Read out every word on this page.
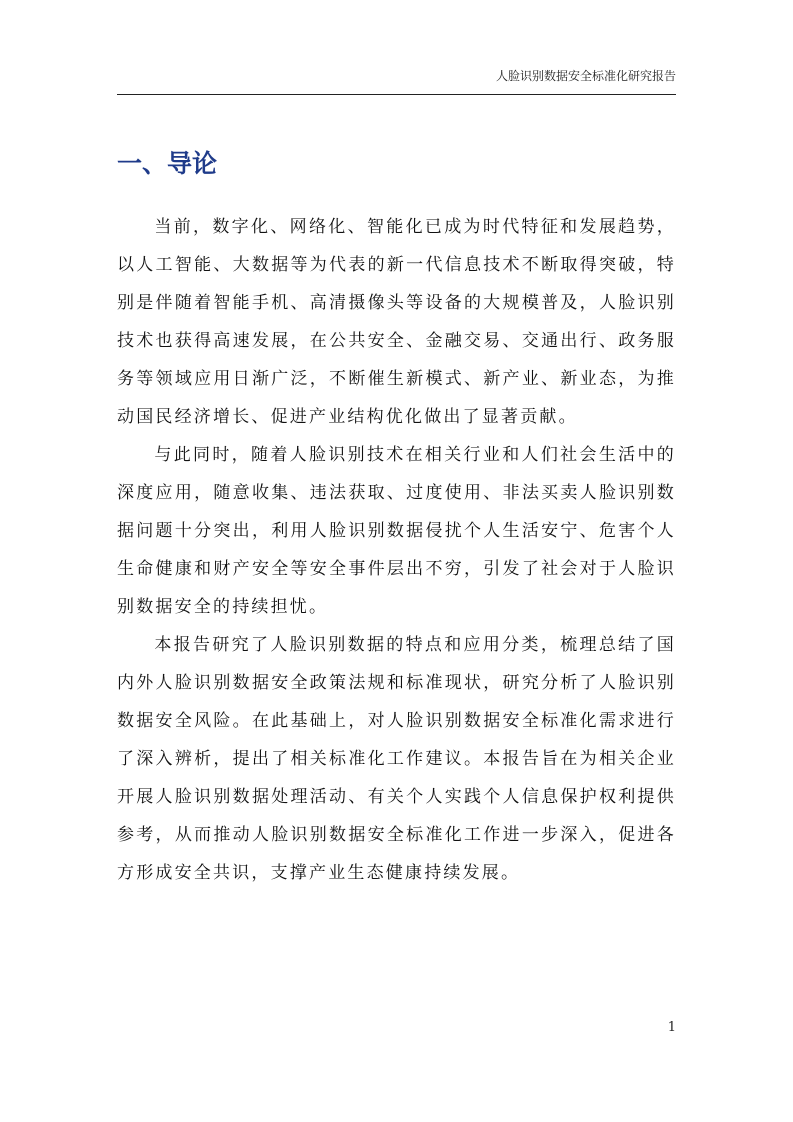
人脸识别数据安全标准化研究报告
一、导论

当前，数字化、网络化、智能化已成为时代特征和发展趋势，以人工智能、大数据等为代表的新一代信息技术不断取得突破，特别是伴随着智能手机、高清摄像头等设备的大规模普及，人脸识别技术也获得高速发展，在公共安全、金融交易、交通出行、政务服务等领域应用日渐广泛，不断催生新模式、新产业、新业态，为推动国民经济增长、促进产业结构优化做出了显著贡献。

与此同时，随着人脸识别技术在相关行业和人们社会生活中的深度应用，随意收集、违法获取、过度使用、非法买卖人脸识别数据问题十分突出，利用人脸识别数据侵扰个人生活安宁、危害个人生命健康和财产安全等安全事件层出不穷，引发了社会对于人脸识别数据安全的持续担忧。

本报告研究了人脸识别数据的特点和应用分类，梳理总结了国内外人脸识别数据安全政策法规和标准现状，研究分析了人脸识别数据安全风险。在此基础上，对人脸识别数据安全标准化需求进行了深入辨析，提出了相关标准化工作建议。本报告旨在为相关企业开展人脸识别数据处理活动、有关个人实践个人信息保护权利提供参考，从而推动人脸识别数据安全标准化工作进一步深入，促进各方形成安全共识，支撑产业生态健康持续发展。

1
